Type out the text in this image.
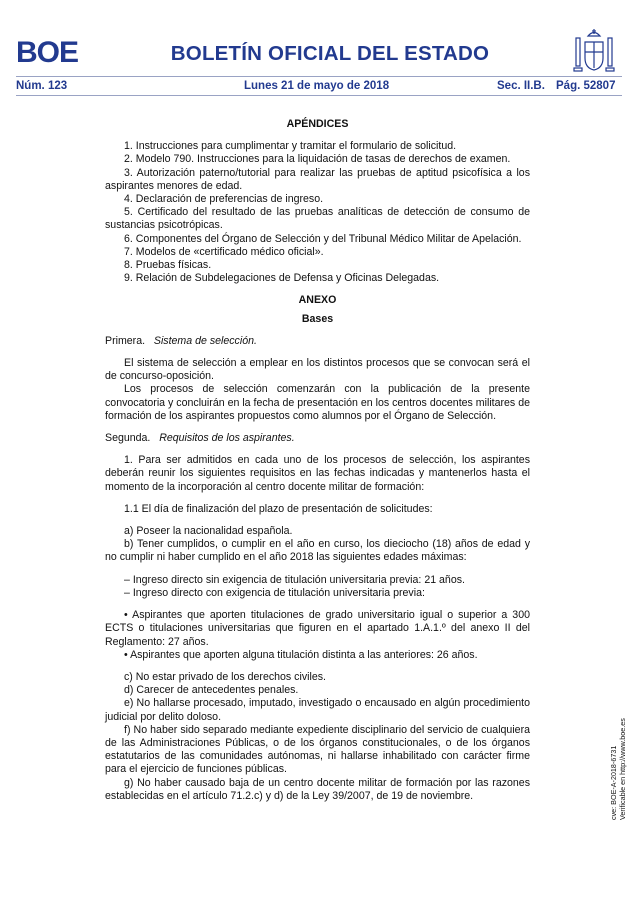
BOE	BOLETÍN OFICIAL DEL ESTADO
Núm. 123	Lunes 21 de mayo de 2018	Sec. II.B. Pág. 52807

APÉNDICES

1. Instrucciones para cumplimentar y tramitar el formulario de solicitud.

2. Modelo 790. Instrucciones para la liquidación de tasas de derechos de examen.

3. Autorización paterno/tutorial para realizar las pruebas de aptitud psicofísica a los aspirantes menores de edad.

4. Declaración de preferencias de ingreso.

5. Certificado del resultado de las pruebas analíticas de detección de consumo de sustancias psicotrópicas.

6. Componentes del Órgano de Selección y del Tribunal Médico Militar de Apelación.

7. Modelos de «certificado médico oficial».

8. Pruebas físicas.

9. Relación de Subdelegaciones de Defensa y Oficinas Delegadas.

ANEXO

Bases

Primera. Sistema de selección.

El sistema de selección a emplear en los distintos procesos que se convocan será el de concurso-oposición.

Los procesos de selección comenzarán con la publicación de la presente convocatoria y concluirán en la fecha de presentación en los centros docentes militares de formación de los aspirantes propuestos como alumnos por el Órgano de Selección.

Segunda. Requisitos de los aspirantes.

1. Para ser admitidos en cada uno de los procesos de selección, los aspirantes deberán reunir los siguientes requisitos en las fechas indicadas y mantenerlos hasta el momento de la incorporación al centro docente militar de formación:

1.1 El día de finalización del plazo de presentación de solicitudes:

a) Poseer la nacionalidad española.

b) Tener cumplidos, o cumplir en el año en curso, los dieciocho (18) años de edad y no cumplir ni haber cumplido en el año 2018 las siguientes edades máximas:

– Ingreso directo sin exigencia de titulación universitaria previa: 21 años.

– Ingreso directo con exigencia de titulación universitaria previa:

• Aspirantes que aporten titulaciones de grado universitario igual o superior a 300 ECTS o titulaciones universitarias que figuren en el apartado 1.A.1.º del anexo II del Reglamento: 27 años.

• Aspirantes que aporten alguna titulación distinta a las anteriores: 26 años.

c) No estar privado de los derechos civiles.

d) Carecer de antecedentes penales.

e) No hallarse procesado, imputado, investigado o encausado en algún procedimiento judicial por delito doloso.

f) No haber sido separado mediante expediente disciplinario del servicio de cualquiera de las Administraciones Públicas, o de los órganos constitucionales, o de los órganos estatutarios de las comunidades autónomas, ni hallarse inhabilitado con carácter firme para el ejercicio de funciones públicas.

g) No haber causado baja de un centro docente militar de formación por las razones establecidas en el artículo 71.2.c) y d) de la Ley 39/2007, de 19 de noviembre.	cve: BOE-A-2018-6731 Verificable en http://www.boe.es
